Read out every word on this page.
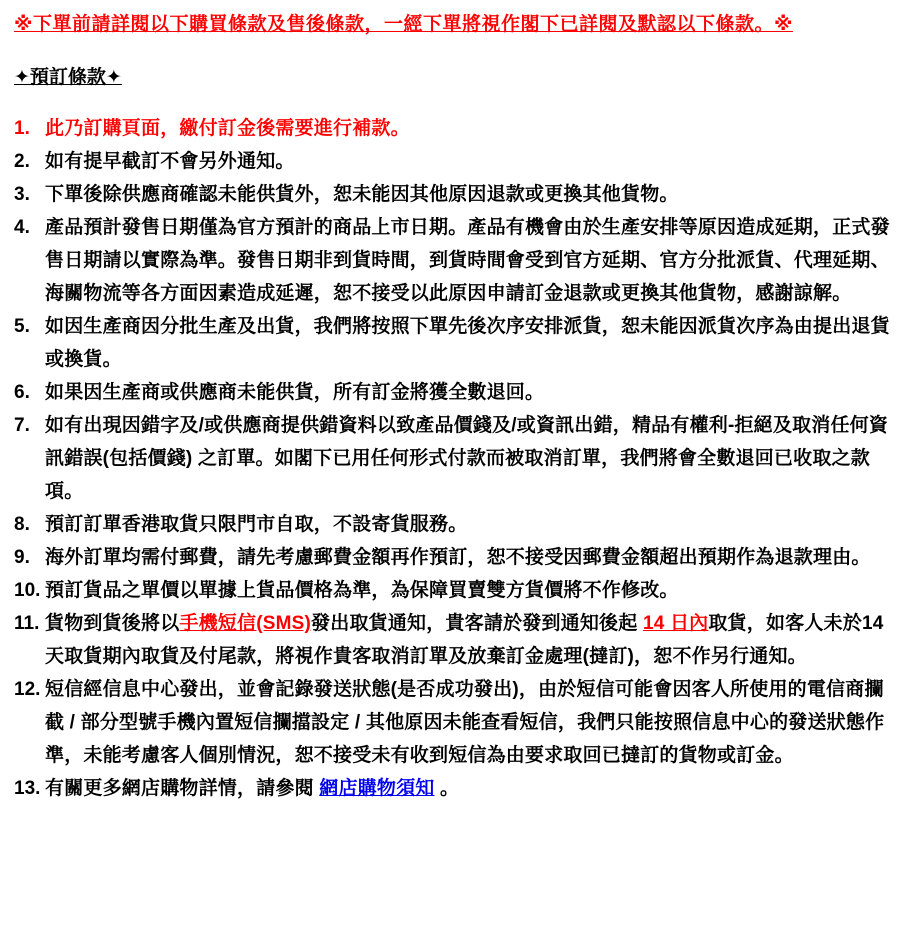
※下單前請詳閱以下購買條款及售後條款，一經下單將視作閣下已詳閱及默認以下條款。※
✦預訂條款✦
1. 此乃訂購頁面，繳付訂金後需要進行補款。
2. 如有提早截訂不會另外通知。
3. 下單後除供應商確認未能供貨外，恕未能因其他原因退款或更換其他貨物。
4. 產品預計發售日期僅為官方預計的商品上市日期。產品有機會由於生產安排等原因造成延期，正式發售日期請以實際為準。發售日期非到貨時間，到貨時間會受到官方延期、官方分批派貨、代理延期、海關物流等各方面因素造成延遲，恕不接受以此原因申請訂金退款或更換其他貨物，感謝諒解。
5. 如因生產商因分批生產及出貨，我們將按照下單先後次序安排派貨，恕未能因派貨次序為由提出退貨或換貨。
6. 如果因生產商或供應商未能供貨，所有訂金將獲全數退回。
7. 如有出現因錯字及/或供應商提供錯資料以致產品價錢及/或資訊出錯，精品有權利-拒絕及取消任何資訊錯誤(包括價錢) 之訂單。如閣下已用任何形式付款而被取消訂單，我們將會全數退回已收取之款項。
8. 預訂訂單香港取貨只限門市自取，不設寄貨服務。
9. 海外訂單均需付郵費，請先考慮郵費金額再作預訂，恕不接受因郵費金額超出預期作為退款理由。
10. 預訂貨品之單價以單據上貨品價格為準，為保障買賣雙方貨價將不作修改。
11. 貨物到貨後將以手機短信(SMS)發出取貨通知，貴客請於發到通知後起 14 日內取貨，如客人未於14 天取貨期內取貨及付尾款，將視作貴客取消訂單及放棄訂金處理(撻訂)，恕不作另行通知。
12. 短信經信息中心發出，並會記錄發送狀態(是否成功發出)，由於短信可能會因客人所使用的電信商攔截 / 部分型號手機內置短信攔擋設定 / 其他原因未能查看短信，我們只能按照信息中心的發送狀態作準，未能考慮客人個別情況，恕不接受未有收到短信為由要求取回已撻訂的貨物或訂金。
13. 有關更多網店購物詳情，請參閱 網店購物須知 。
